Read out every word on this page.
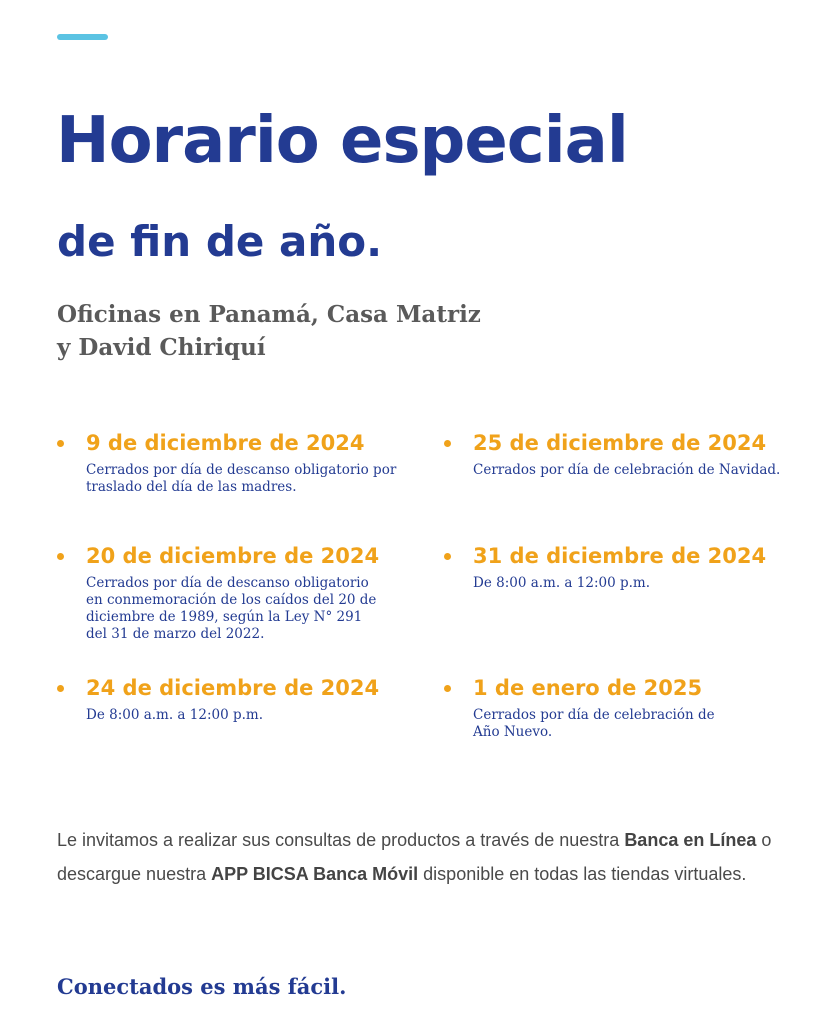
Horario especial
de fin de año.

Oficinas en Panamá, Casa Matriz
y David Chiriquí

9 de diciembre de 2024
Cerrados por día de descanso obligatorio por traslado del día de las madres.
25 de diciembre de 2024
Cerrados por día de celebración de Navidad.
20 de diciembre de 2024
Cerrados por día de descanso obligatorio en conmemoración de los caídos del 20 de diciembre de 1989, según la Ley N° 291 del 31 de marzo del 2022.
31 de diciembre de 2024
De 8:00 a.m. a 12:00 p.m.
24 de diciembre de 2024
De 8:00 a.m. a 12:00 p.m.
1 de enero de 2025
Cerrados por día de celebración de Año Nuevo.

Le invitamos a realizar sus consultas de productos a través de nuestra Banca en Línea o descargue nuestra APP BICSA Banca Móvil disponible en todas las tiendas virtuales.

Conectados es más fácil.
